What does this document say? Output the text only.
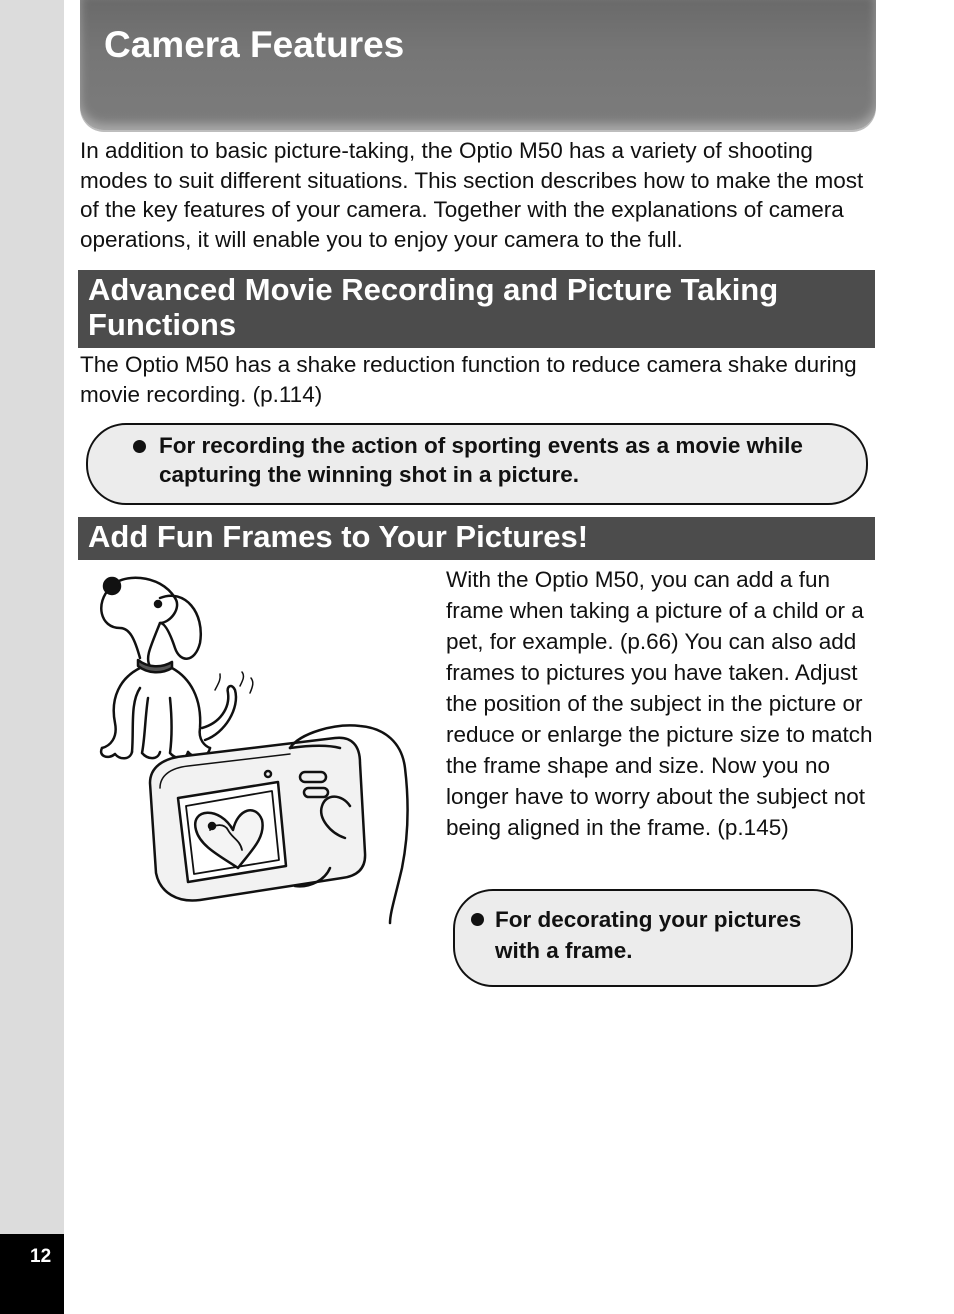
12
Camera Features

In addition to basic picture-taking, the Optio M50 has a variety of shooting modes to suit different situations. This section describes how to make the most of the key features of your camera. Together with the explanations of camera operations, it will enable you to enjoy your camera to the full.

Advanced Movie Recording and Picture Taking Functions

The Optio M50 has a shake reduction function to reduce camera shake during movie recording. (p.114)

For recording the action of sporting events as a movie while capturing the winning shot in a picture.

Add Fun Frames to Your Pictures!

With the Optio M50, you can add a fun frame when taking a picture of a child or a pet, for example. (p.66) You can also add frames to pictures you have taken. Adjust the position of the subject in the picture or reduce or enlarge the picture size to match the frame shape and size. Now you no longer have to worry about the subject not being aligned in the frame. (p.145)

For decorating your pictures with a frame.
